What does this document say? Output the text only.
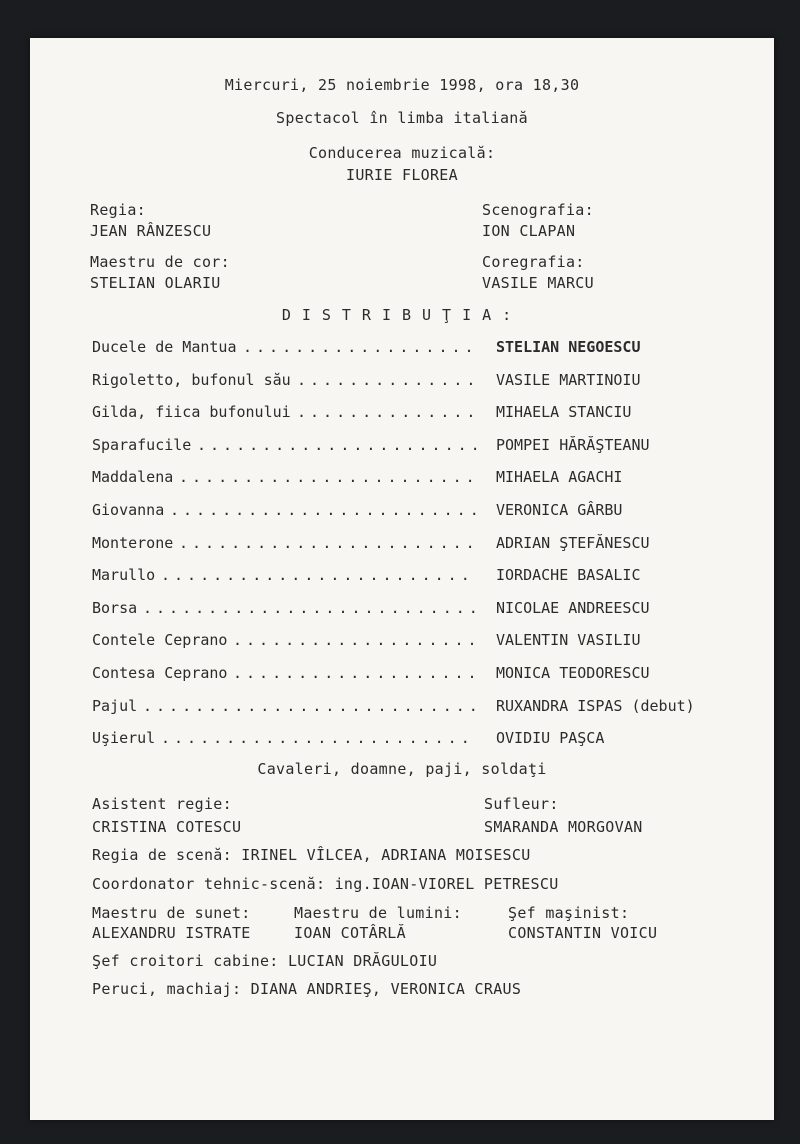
Miercuri, 25 noiembrie 1998, ora 18,30
Spectacol în limba italiană
Conducerea muzicală:
IURIE FLOREA
Regia:
JEAN RÂNZESCU
Scenografia:
ION CLAPAN
Maestru de cor:
STELIAN OLARIU
Coregrafia:
VASILE MARCU
DISTRIBUŢIA:
Ducele de Mantua .................. STELIAN NEGOESCU
Rigoletto, bufonul său .............. VASILE MARTINOIU
Gilda, fiica bufonului .............. MIHAELA STANCIU
Sparafucile ...................... POMPEI HĂRĂŞTEANU
Maddalena ....................... MIHAELA AGACHI
Giovanna ........................ VERONICA GÂRBU
Monterone ....................... ADRIAN ŞTEFĂNESCU
Marullo ........................ IORDACHE BASALIC
Borsa .......................... NICOLAE ANDREESCU
Contele Ceprano ................... VALENTIN VASILIU
Contesa Ceprano ................... MONICA TEODORESCU
Pajul .......................... RUXANDRA ISPAS (debut)
Uşierul ........................ OVIDIU PAŞCA
Cavaleri, doamne, paji, soldaţi
Asistent regie:
CRISTINA COTESCU
Sufleur:
SMARANDA MORGOVAN
Regia de scenă: IRINEL VÎLCEA, ADRIANA MOISESCU
Coordonator tehnic-scenă: ing.IOAN-VIOREL PETRESCU
Maestru de sunet:
ALEXANDRU ISTRATE
Maestru de lumini:
IOAN COTÂRLĂ
Şef maşinist:
CONSTANTIN VOICU
Şef croitori cabine: LUCIAN DRĂGULOIU
Peruci, machiaj: DIANA ANDRIEŞ, VERONICA CRAUS
